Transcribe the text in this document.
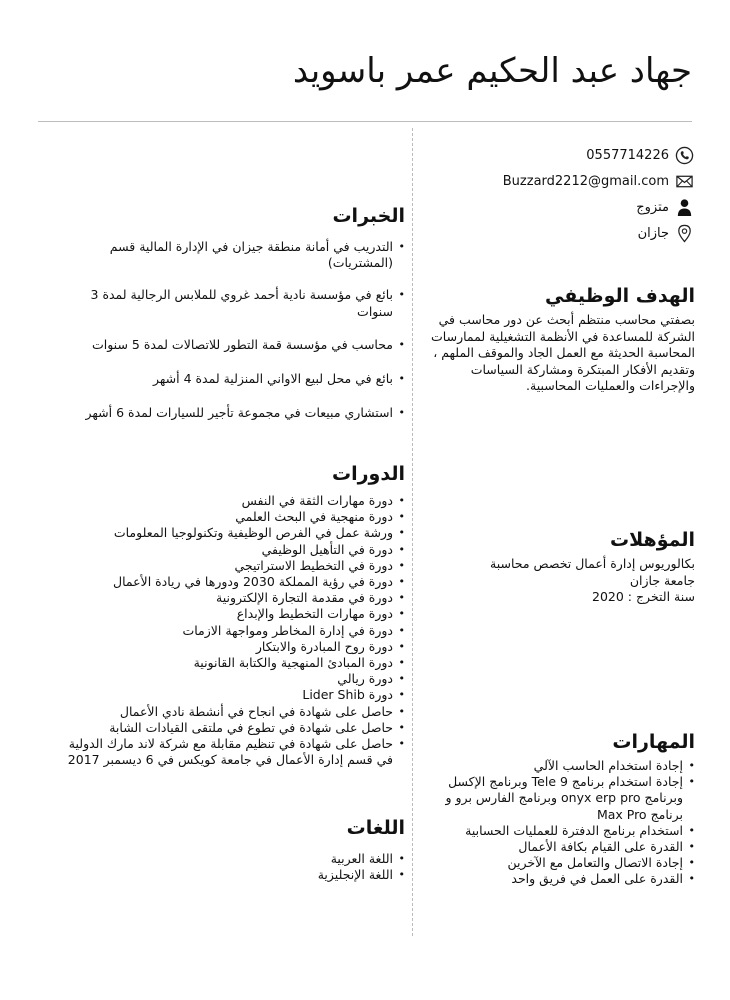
جهاد عبد الحكيم عمر باسويد
0557714226
Buzzard2212@gmail.com
متزوج
جازان
الهدف الوظيفي
بصفتي محاسب منتظم أبحث عن دور محاسب في
الشركة للمساعدة في الأنظمة التشغيلية لممارسات
المحاسبة الحديثة مع العمل الجاد والموقف الملهم ،
وتقديم الأفكار المبتكرة ومشاركة السياسات
والإجراءات والعمليات المحاسبية.
المؤهلات
بكالوريوس إدارة أعمال تخصص محاسبة
جامعة جازان
سنة التخرج : 2020
المهارات
• إجادة استخدام الحاسب الآلي
• إجادة استخدام برنامج Tele 9 وبرنامج الإكسل وبرنامج onyx erp pro وبرنامج الفارس برو و برنامج Max Pro
• استخدام برنامج الدفترة للعمليات الحسابية
• القدرة على القيام بكافة الأعمال
• إجادة الاتصال والتعامل مع الآخرين
• القدرة على العمل في فريق واحد
الخبرات
• التدريب في أمانة منطقة جيزان في الإدارة المالية قسم (المشتريات)
• بائع في مؤسسة نادية أحمد غروي للملابس الرجالية لمدة 3 سنوات
• محاسب في مؤسسة قمة التطور للاتصالات لمدة 5 سنوات
• بائع في محل لبيع الاواني المنزلية لمدة 4 أشهر
• استشاري مبيعات في مجموعة تأجير للسيارات لمدة 6 أشهر
الدورات
• دورة مهارات الثقة في النفس
• دورة منهجية في البحث العلمي
• ورشة عمل في الفرص الوظيفية وتكنولوجيا المعلومات
• دورة في التأهيل الوظيفي
• دورة في التخطيط الاستراتيجي
• دورة في رؤية المملكة 2030 ودورها في ريادة الأعمال
• دورة في مقدمة التجارة الإلكترونية
• دورة مهارات التخطيط والإبداع
• دورة في إدارة المخاطر ومواجهة الازمات
• دورة روح المبادرة والابتكار
• دورة المبادئ المنهجية والكتابة القانونية
• دورة ريالي
• دورة Lider Shib
• حاصل على شهادة في انجاح في أنشطة نادي الأعمال
• حاصل على شهادة في تطوع في ملتقى القيادات الشابة
• حاصل على شهادة في تنظيم مقابلة مع شركة لاند مارك الدولية في قسم إدارة الأعمال في جامعة كويكس في 6 ديسمبر 2017
اللغات
• اللغة العربية
• اللغة الإنجليزية
